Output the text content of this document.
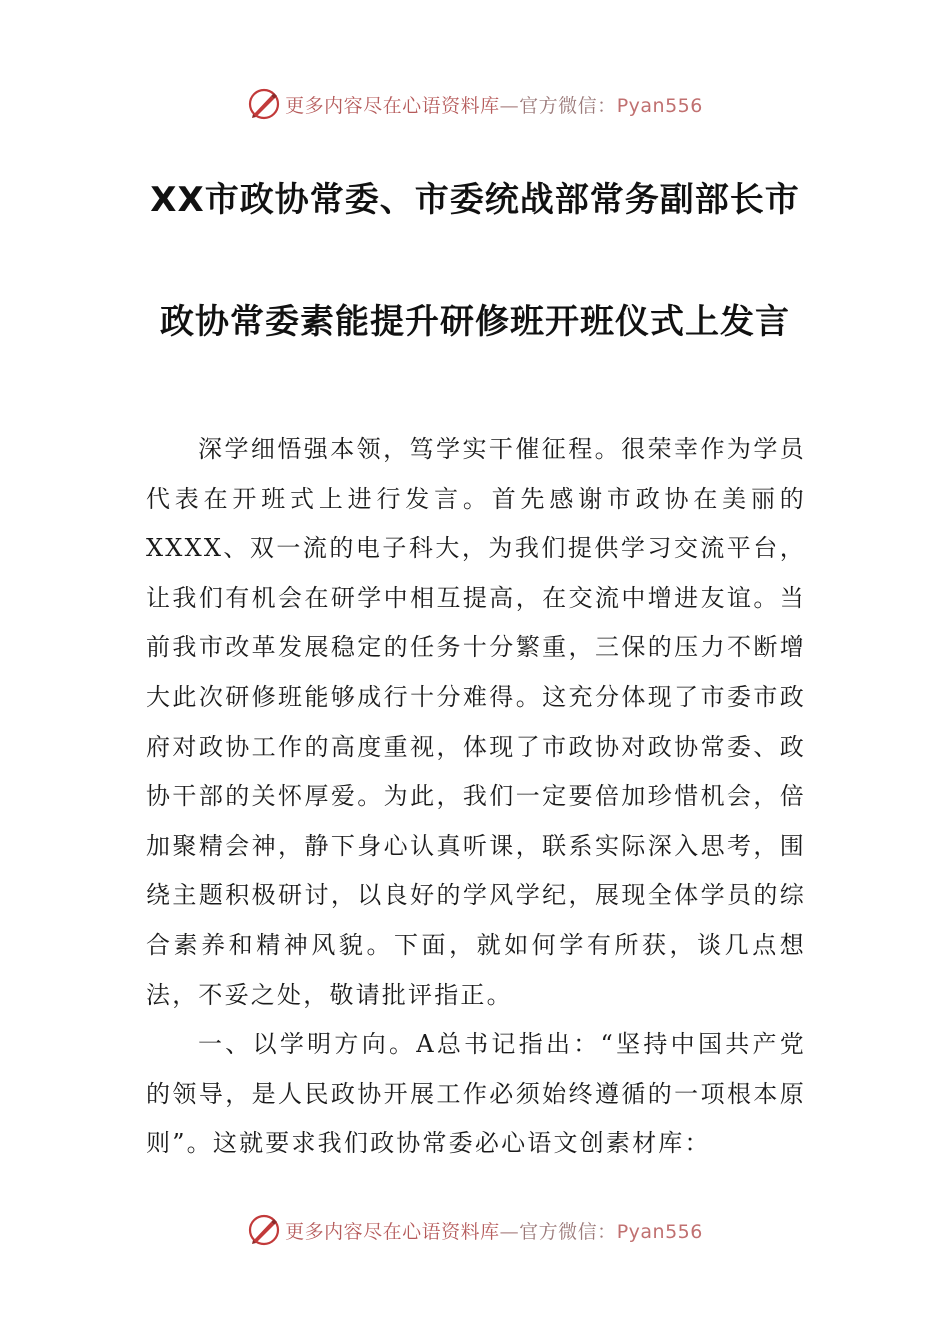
更多内容尽在心语资料库—官方微信：Pyan556
XX市政协常委、市委统战部常务副部长市
政协常委素能提升研修班开班仪式上发言

深学细悟强本领，笃学实干催征程。很荣幸作为学员代表在开班式上进行发言。首先感谢市政协在美丽的XXXX、双一流的电子科大，为我们提供学习交流平台，让我们有机会在研学中相互提高，在交流中增进友谊。当前我市改革发展稳定的任务十分繁重，三保的压力不断增大此次研修班能够成行十分难得。这充分体现了市委市政府对政协工作的高度重视，体现了市政协对政协常委、政协干部的关怀厚爱。为此，我们一定要倍加珍惜机会，倍加聚精会神，静下身心认真听课，联系实际深入思考，围绕主题积极研讨，以良好的学风学纪，展现全体学员的综合素养和精神风貌。下面，就如何学有所获，谈几点想法，不妥之处，敬请批评指正。

一、以学明方向。A总书记指出：“坚持中国共产党的领导，是人民政协开展工作必须始终遵循的一项根本原则”。这就要求我们政协常委必心语文创素材库：

更多内容尽在心语资料库—官方微信：Pyan556
